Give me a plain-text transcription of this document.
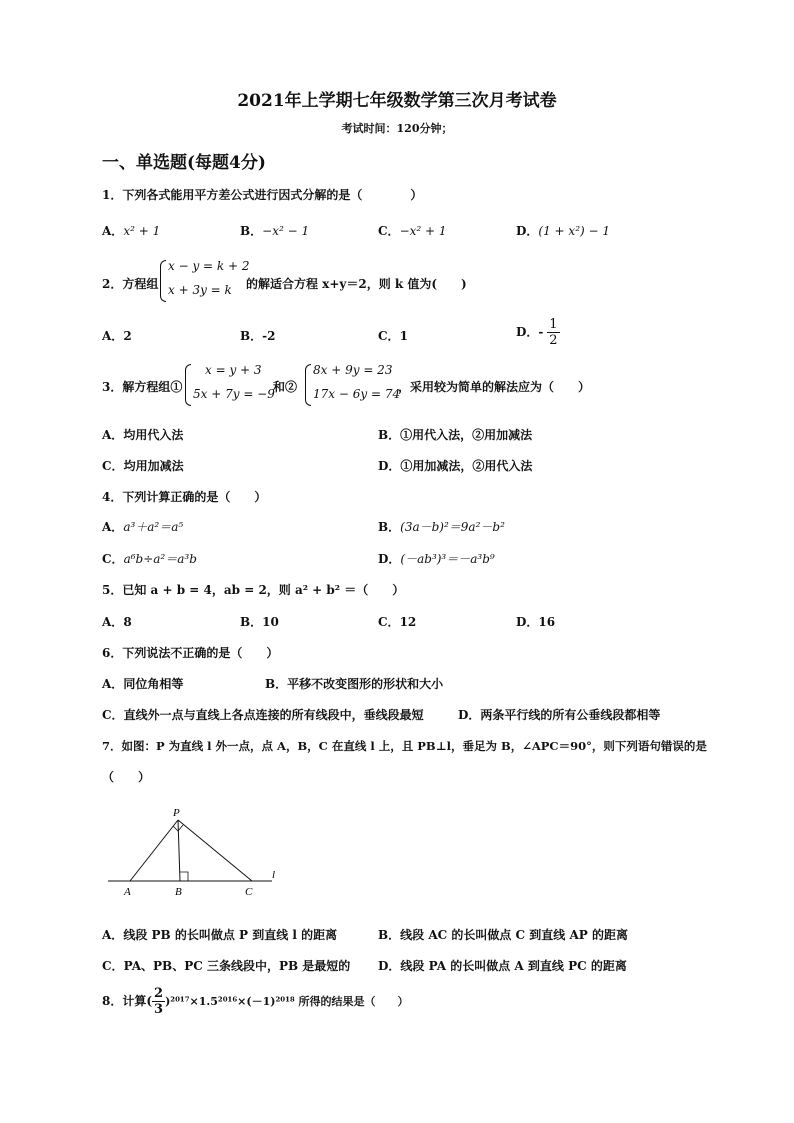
2021年上学期七年级数学第三次月考试卷
考试时间：120分钟；
一、单选题(每题4分)
1．下列各式能用平方差公式进行因式分解的是（　　　　）
A．x² + 1	B．−x² − 1	C．−x² + 1	D．(1 + x²) − 1
2．方程组
x − y = k + 2
x + 3y = k 的解适合方程 x+y＝2，则 k 值为(　　)
A．2	B．-2	C．1	D．- $\frac{1}{2}$
3．解方程组①
x = y + 3
5x + 7y = −9
和②
8x + 9y = 23
17x − 6y = 74
，采用较为简单的解法应为（　　）
A．均用代入法	B．①用代入法，②用加减法
C．均用加减法	D．①用加减法，②用代入法
4．下列计算正确的是（　　）
A．a³＋a²＝a⁵	B．(3a－b)²＝9a²－b²
C．a⁶b÷a²＝a³b	D．(－ab³)³＝－a³b⁹
5．已知 a + b = 4，ab = 2，则 a² + b² ＝（　　）
A．8	B．10	C．12	D．16
6．下列说法不正确的是（　　）
A．同位角相等	B．平移不改变图形的形状和大小
C．直线外一点与直线上各点连接的所有线段中，垂线段最短	D．两条平行线的所有公垂线段都相等
7．如图：P 为直线 l 外一点，点 A，B，C 在直线 l 上，且 PB⊥l，垂足为 B，∠APC＝90°，则下列语句错误的是
（　　）
P
A	B	C
l
A．线段 PB 的长叫做点 P 到直线 l 的距离	B．线段 AC 的长叫做点 C 到直线 AP 的距离
C．PA、PB、PC 三条线段中，PB 是最短的 D．线段 PA 的长叫做点 A 到直线 PC 的距离
8．计算( $\frac{2}{3} )^{2017}\times 1.5^{2016}\times(-1)^{2018}$ 所得的结果是（　　）
